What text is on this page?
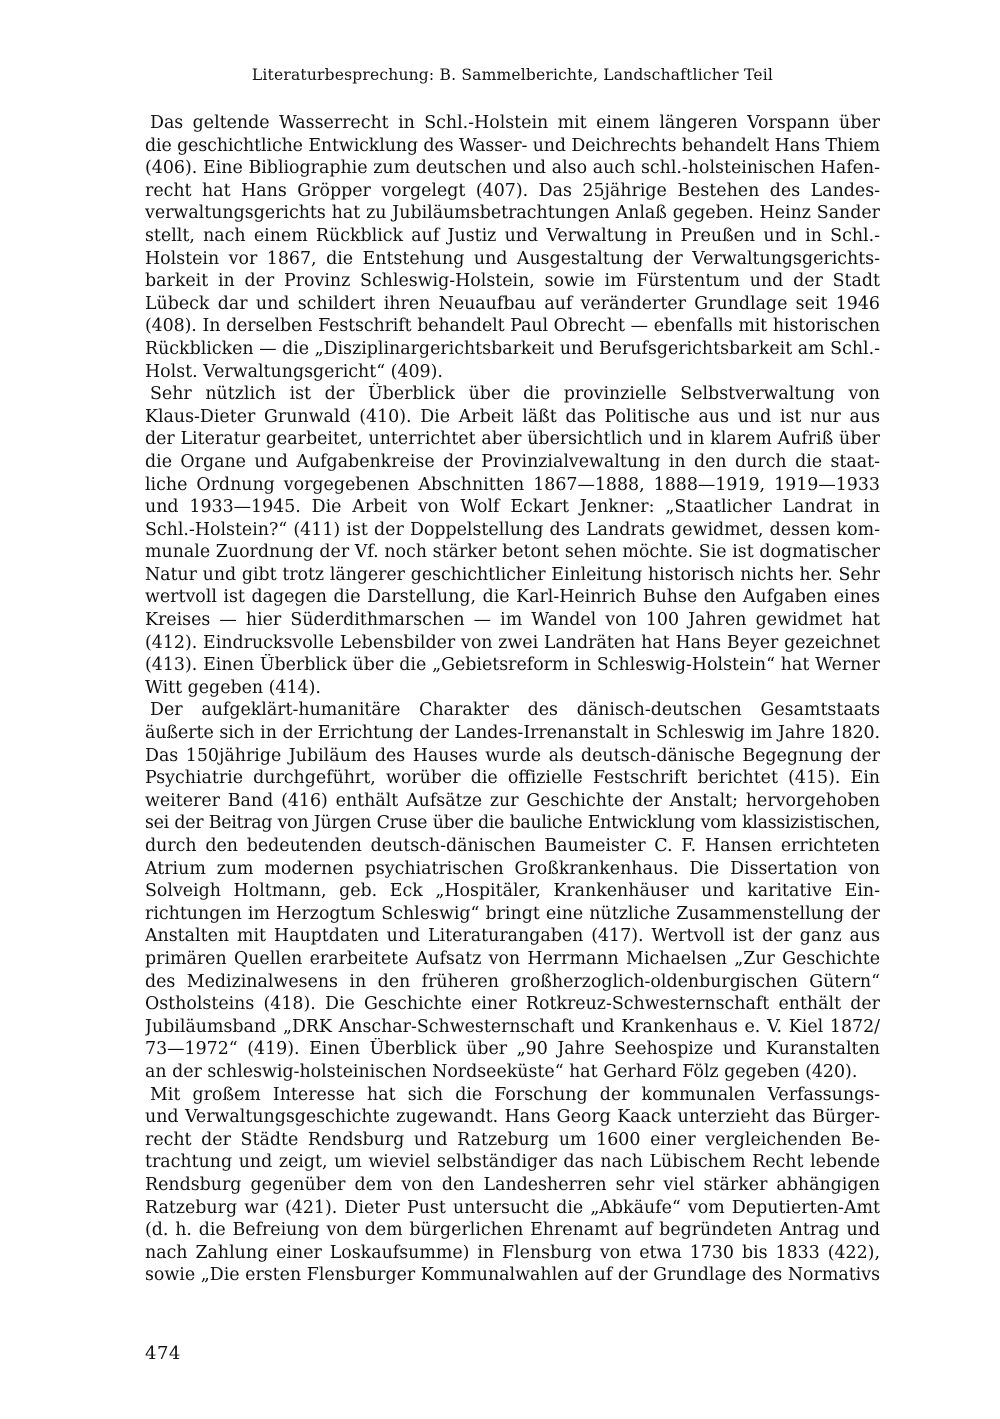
Literaturbesprechung: B. Sammelberichte, Landschaftlicher Teil
Das geltende Wasserrecht in Schl.-Holstein mit einem längeren Vorspann über
die geschichtliche Entwicklung des Wasser- und Deichrechts behandelt Hans Thiem
(406). Eine Bibliographie zum deutschen und also auch schl.-holsteinischen Hafen-
recht hat Hans Gröpper vorgelegt (407). Das 25jährige Bestehen des Landes-
verwaltungsgerichts hat zu Jubiläumsbetrachtungen Anlaß gegeben. Heinz Sander
stellt, nach einem Rückblick auf Justiz und Verwaltung in Preußen und in Schl.-
Holstein vor 1867, die Entstehung und Ausgestaltung der Verwaltungsgerichts-
barkeit in der Provinz Schleswig-Holstein, sowie im Fürstentum und der Stadt
Lübeck dar und schildert ihren Neuaufbau auf veränderter Grundlage seit 1946
(408). In derselben Festschrift behandelt Paul Obrecht — ebenfalls mit historischen
Rückblicken — die „Disziplinargerichtsbarkeit und Berufsgerichtsbarkeit am Schl.-
Holst. Verwaltungsgericht“ (409).
Sehr nützlich ist der Überblick über die provinzielle Selbstverwaltung von
Klaus-Dieter Grunwald (410). Die Arbeit läßt das Politische aus und ist nur aus
der Literatur gearbeitet, unterrichtet aber übersichtlich und in klarem Aufriß über
die Organe und Aufgabenkreise der Provinzialvewaltung in den durch die staat-
liche Ordnung vorgegebenen Abschnitten 1867—1888, 1888—1919, 1919—1933
und 1933—1945. Die Arbeit von Wolf Eckart Jenkner: „Staatlicher Landrat in
Schl.-Holstein?“ (411) ist der Doppelstellung des Landrats gewidmet, dessen kom-
munale Zuordnung der Vf. noch stärker betont sehen möchte. Sie ist dogmatischer
Natur und gibt trotz längerer geschichtlicher Einleitung historisch nichts her. Sehr
wertvoll ist dagegen die Darstellung, die Karl-Heinrich Buhse den Aufgaben eines
Kreises — hier Süderdithmarschen — im Wandel von 100 Jahren gewidmet hat
(412). Eindrucksvolle Lebensbilder von zwei Landräten hat Hans Beyer gezeichnet
(413). Einen Überblick über die „Gebietsreform in Schleswig-Holstein“ hat Werner
Witt gegeben (414).
Der aufgeklärt-humanitäre Charakter des dänisch-deutschen Gesamtstaats
äußerte sich in der Errichtung der Landes-Irrenanstalt in Schleswig im Jahre 1820.
Das 150jährige Jubiläum des Hauses wurde als deutsch-dänische Begegnung der
Psychiatrie durchgeführt, worüber die offizielle Festschrift berichtet (415). Ein
weiterer Band (416) enthält Aufsätze zur Geschichte der Anstalt; hervorgehoben
sei der Beitrag von Jürgen Cruse über die bauliche Entwicklung vom klassizistischen,
durch den bedeutenden deutsch-dänischen Baumeister C. F. Hansen errichteten
Atrium zum modernen psychiatrischen Großkrankenhaus. Die Dissertation von
Solveigh Holtmann, geb. Eck „Hospitäler, Krankenhäuser und karitative Ein-
richtungen im Herzogtum Schleswig“ bringt eine nützliche Zusammenstellung der
Anstalten mit Hauptdaten und Literaturangaben (417). Wertvoll ist der ganz aus
primären Quellen erarbeitete Aufsatz von Herrmann Michaelsen „Zur Geschichte
des Medizinalwesens in den früheren großherzoglich-oldenburgischen Gütern“
Ostholsteins (418). Die Geschichte einer Rotkreuz-Schwesternschaft enthält der
Jubiläumsband „DRK Anschar-Schwesternschaft und Krankenhaus e. V. Kiel 1872/
73—1972“ (419). Einen Überblick über „90 Jahre Seehospize und Kuranstalten
an der schleswig-holsteinischen Nordseeküste“ hat Gerhard Fölz gegeben (420).
Mit großem Interesse hat sich die Forschung der kommunalen Verfassungs-
und Verwaltungsgeschichte zugewandt. Hans Georg Kaack unterzieht das Bürger-
recht der Städte Rendsburg und Ratzeburg um 1600 einer vergleichenden Be-
trachtung und zeigt, um wieviel selbständiger das nach Lübischem Recht lebende
Rendsburg gegenüber dem von den Landesherren sehr viel stärker abhängigen
Ratzeburg war (421). Dieter Pust untersucht die „Abkäufe“ vom Deputierten-Amt
(d. h. die Befreiung von dem bürgerlichen Ehrenamt auf begründeten Antrag und
nach Zahlung einer Loskaufsumme) in Flensburg von etwa 1730 bis 1833 (422),
sowie „Die ersten Flensburger Kommunalwahlen auf der Grundlage des Normativs
474
